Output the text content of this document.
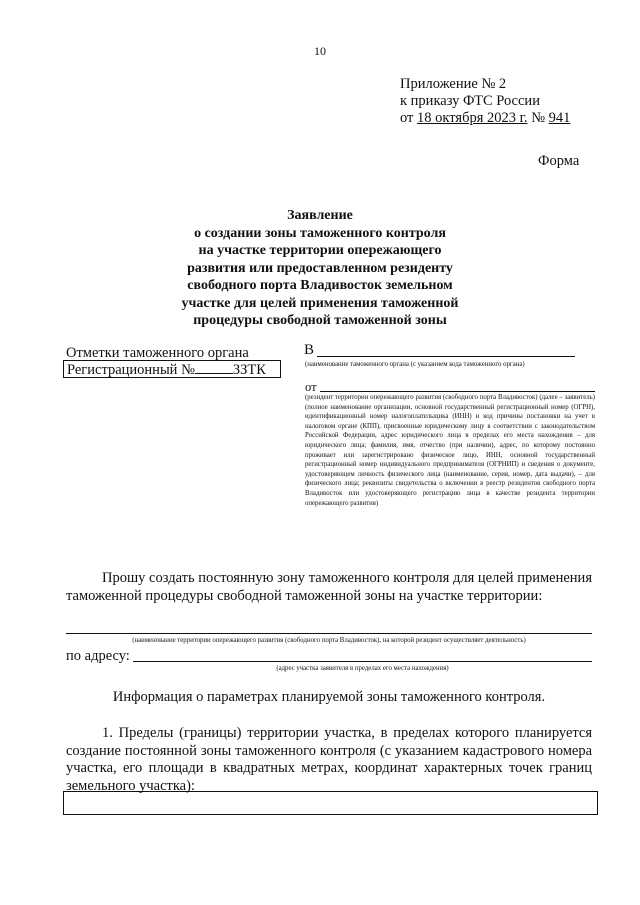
10
Приложение № 2
к приказу ФТС России
от 18 октября 2023 г. № 941
Форма
Заявление
о создании зоны таможенного контроля
на участке территории опережающего
развития или предоставленном резиденту
свободного порта Владивосток земельном
участке для целей применения таможенной
процедуры свободной таможенной зоны
Отметки таможенного органа
Регистрационный №	ЗЗТК
В
(наименование таможенного органа (с указанием кода таможенного органа)
от
(резидент территории опережающего развития (свободного порта Владивосток) (далее – заявитель) (полное наименование организации, основной государственный регистрационный номер (ОГРН), идентификационный номер налогоплательщика (ИНН) и код причины постановки на учет в налоговом органе (КПП), присвоенные юридическому лицу в соответствии с законодательством Российской Федерации, адрес юридического лица в пределах его места нахождения – для юридического лица; фамилия, имя, отчество (при наличии), адрес, по которому постоянно проживает или зарегистрировано физическое лицо, ИНН, основной государственный регистрационный номер индивидуального предпринимателя (ОГРНИП) и сведения о документе, удостоверяющем личность физического лица (наименование, серия, номер, дата выдачи), – для физического лица; реквизиты свидетельства о включении в реестр резидентов свободного порта Владивосток или удостоверяющего регистрацию лица в качестве резидента территории опережающего развития)
Прошу создать постоянную зону таможенного контроля для целей применения таможенной процедуры свободной таможенной зоны на участке территории:
(наименование территории опережающего развития (свободного порта Владивосток), на которой резидент осуществляет деятельность)
по адресу:
(адрес участка заявителя в пределах его места нахождения)
Информация о параметрах планируемой зоны таможенного контроля.
1. Пределы (границы) территории участка, в пределах которого планируется создание постоянной зоны таможенного контроля (с указанием кадастрового номера участка, его площади в квадратных метрах, координат характерных точек границ земельного участка):
